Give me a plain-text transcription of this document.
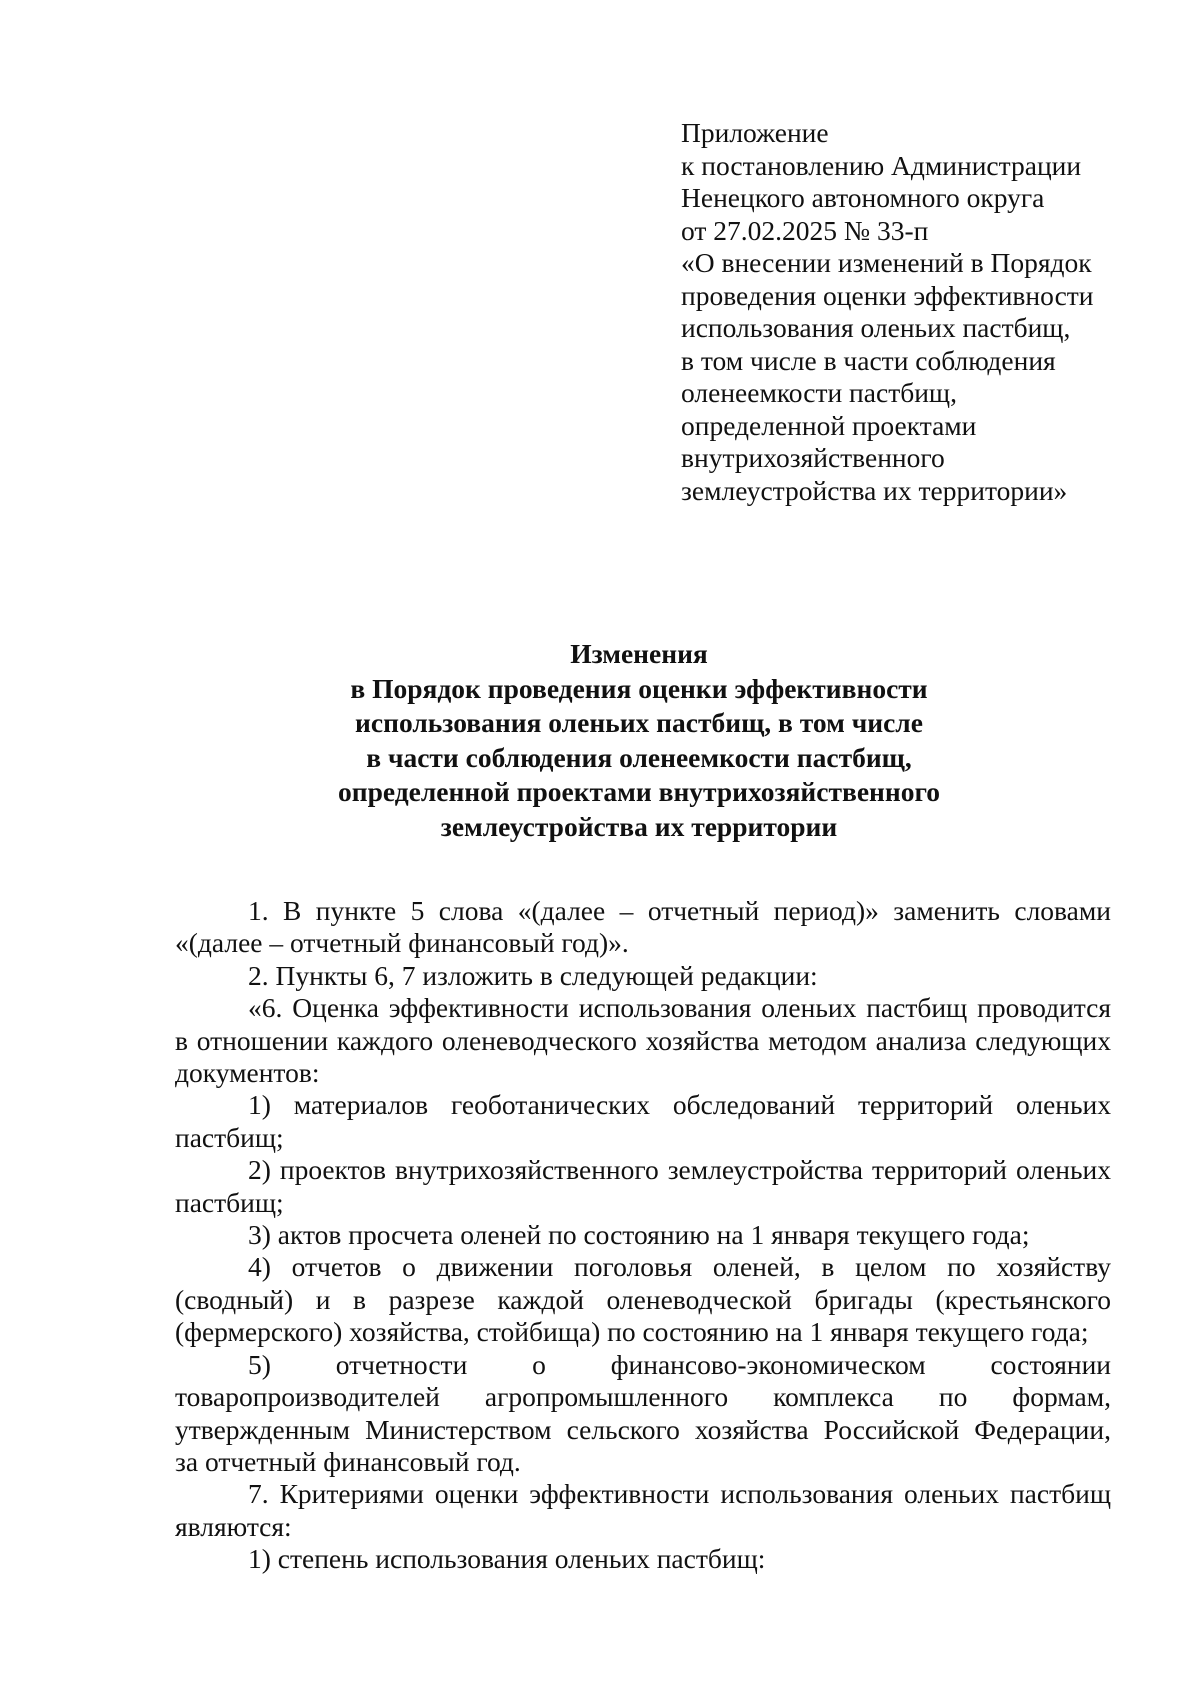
Приложение
к постановлению Администрации
Ненецкого автономного округа
от 27.02.2025 № 33-п
«О внесении изменений в Порядок
проведения оценки эффективности
использования оленьих пастбищ,
в том числе в части соблюдения
оленеемкости пастбищ,
определенной проектами
внутрихозяйственного
землеустройства их территории»
Изменения
в Порядок проведения оценки эффективности
использования оленьих пастбищ, в том числе
в части соблюдения оленеемкости пастбищ,
определенной проектами внутрихозяйственного
землеустройства их территории
1. В пункте 5 слова «(далее – отчетный период)» заменить словами
«(далее – отчетный финансовый год)».
2. Пункты 6, 7 изложить в следующей редакции:
«6. Оценка эффективности использования оленьих пастбищ проводится
в отношении каждого оленеводческого хозяйства методом анализа следующих
документов:
1) материалов геоботанических обследований территорий оленьих
пастбищ;
2) проектов внутрихозяйственного землеустройства территорий оленьих
пастбищ;
3) актов просчета оленей по состоянию на 1 января текущего года;
4) отчетов о движении поголовья оленей, в целом по хозяйству
(сводный) и в разрезе каждой оленеводческой бригады (крестьянского
(фермерского) хозяйства, стойбища) по состоянию на 1 января текущего года;
5) отчетности о финансово-экономическом состоянии
товаропроизводителей агропромышленного комплекса по формам,
утвержденным Министерством сельского хозяйства Российской Федерации,
за отчетный финансовый год.
7. Критериями оценки эффективности использования оленьих пастбищ
являются:
1) степень использования оленьих пастбищ:
